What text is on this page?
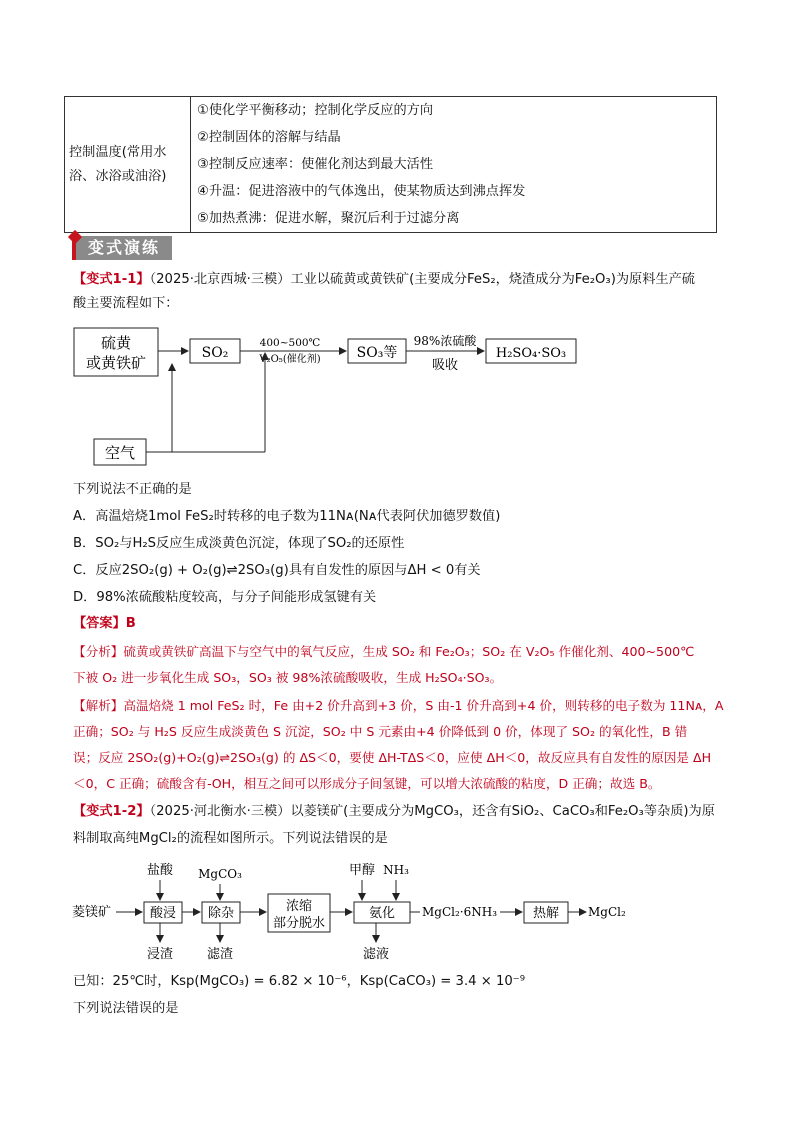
控制温度(常用水浴、冰浴或油浴)	
①使化学平衡移动；控制化学反应的方向
②控制固体的溶解与结晶
③控制反应速率：使催化剂达到最大活性
④升温：促进溶液中的气体逸出，使某物质达到沸点挥发
⑤加热煮沸：促进水解，聚沉后利于过滤分离
变式演练
【变式1-1】（2025·北京西城·三模）工业以硫黄或黄铁矿(主要成分FeS₂，烧渣成分为Fe₂O₃)为原料生产硫
酸主要流程如下：
硫黄
或黄铁矿
SO₂
400~500℃
V₂O₅(催化剂)	SO₃等
98%浓硫酸
吸收
H₂SO₄·SO₃
空气
下列说法不正确的是
A．高温焙烧1mol FeS₂时转移的电子数为11Nᴀ(Nᴀ代表阿伏加德罗数值)
B．SO₂与H₂S反应生成淡黄色沉淀，体现了SO₂的还原性
C．反应2SO₂(g) + O₂(g)⇌2SO₃(g)具有自发性的原因与ΔH < 0有关
D．98%浓硫酸粘度较高，与分子间能形成氢键有关
【答案】B
【分析】硫黄或黄铁矿高温下与空气中的氧气反应，生成 SO₂ 和 Fe₂O₃；SO₂ 在 V₂O₅ 作催化剂、400~500℃
下被 O₂ 进一步氧化生成 SO₃，SO₃ 被 98%浓硫酸吸收，生成 H₂SO₄·SO₃。
【解析】高温焙烧 1 mol FeS₂ 时，Fe 由+2 价升高到+3 价，S 由-1 价升高到+4 价，则转移的电子数为 11Nᴀ，A
正确；SO₂ 与 H₂S 反应生成淡黄色 S 沉淀，SO₂ 中 S 元素由+4 价降低到 0 价，体现了 SO₂ 的氧化性，B 错
误；反应 2SO₂(g)+O₂(g)⇌2SO₃(g) 的 ΔS＜0，要使 ΔH-TΔS＜0，应使 ΔH＜0，故反应具有自发性的原因是 ΔH
＜0，C 正确；硫酸含有-OH，相互之间可以形成分子间氢键，可以增大浓硫酸的粘度，D 正确；故选 B。
【变式1-2】（2025·河北衡水·三模）以菱镁矿(主要成分为MgCO₃，还含有SiO₂、CaCO₃和Fe₂O₃等杂质)为原
料制取高纯MgCl₂的流程如图所示。下列说法错误的是
菱镁矿
盐酸
酸浸
浸渣
MgCO₃
除杂
滤渣
浓缩
部分脱水
甲醇 NH₃
氨化
滤液
MgCl₂·6NH₃	热解 MgCl₂
已知：25℃时，Ksp(MgCO₃) = 6.82 × 10⁻⁶，Ksp(CaCO₃) = 3.4 × 10⁻⁹
下列说法错误的是
